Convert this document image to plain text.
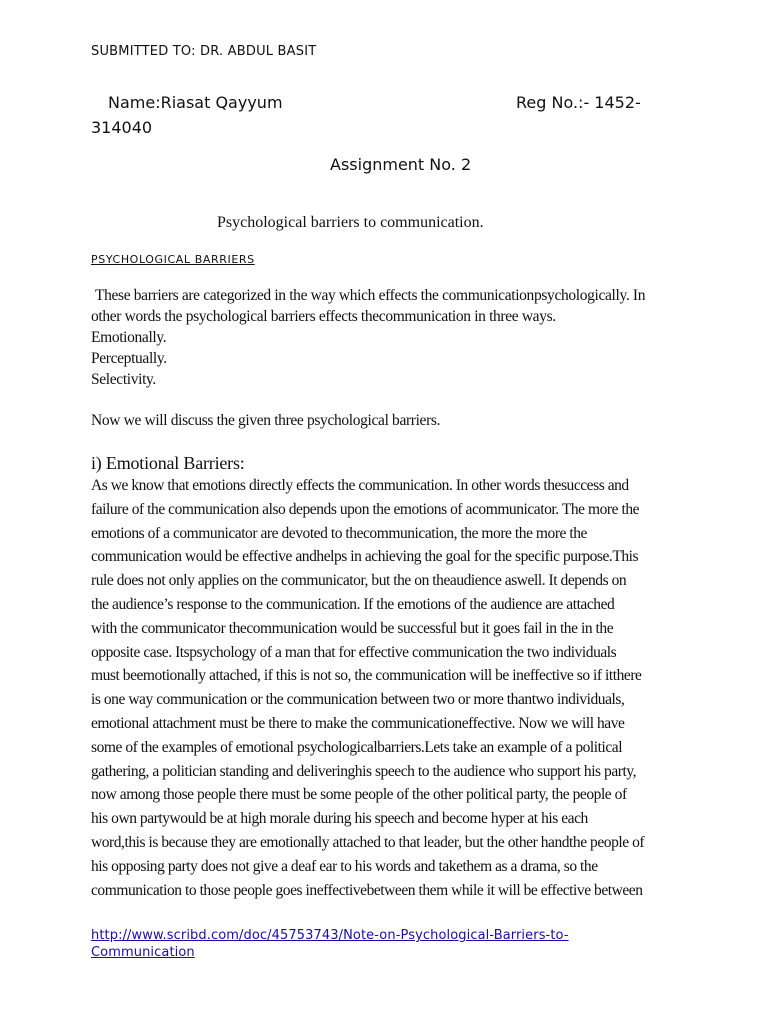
SUBMITTED TO: DR. ABDUL BASIT
Name:Riasat Qayyum	Reg No.:- 1452-
314040
Assignment No. 2
Psychological barriers to communication.
PSYCHOLOGICAL BARRIERS
These barriers are categorized in the way which effects the communicationpsychologically. In
other words the psychological barriers effects thecommunication in three ways.
Emotionally.
Perceptually.
Selectivity.
Now we will discuss the given three psychological barriers.
i) Emotional Barriers:
As we know that emotions directly effects the communication. In other words thesuccess and
failure of the communication also depends upon the emotions of acommunicator. The more the
emotions of a communicator are devoted to thecommunication, the more the more the
communication would be effective andhelps in achieving the goal for the specific purpose.This
rule does not only applies on the communicator, but the on theaudience aswell. It depends on
the audience’s response to the communication. If the emotions of the audience are attached
with the communicator thecommunication would be successful but it goes fail in the in the
opposite case. Itspsychology of a man that for effective communication the two individuals
must beemotionally attached, if this is not so, the communication will be ineffective so if itthere
is one way communication or the communication between two or more thantwo individuals,
emotional attachment must be there to make the communicationeffective. Now we will have
some of the examples of emotional psychologicalbarriers.Lets take an example of a political
gathering, a politician standing and deliveringhis speech to the audience who support his party,
now among those people there must be some people of the other political party, the people of
his own partywould be at high morale during his speech and become hyper at his each
word,this is because they are emotionally attached to that leader, but the other handthe people of
his opposing party does not give a deaf ear to his words and takethem as a drama, so the
communication to those people goes ineffectivebetween them while it will be effective between
http://www.scribd.com/doc/45753743/Note-on-Psychological-Barriers-to-
Communication
